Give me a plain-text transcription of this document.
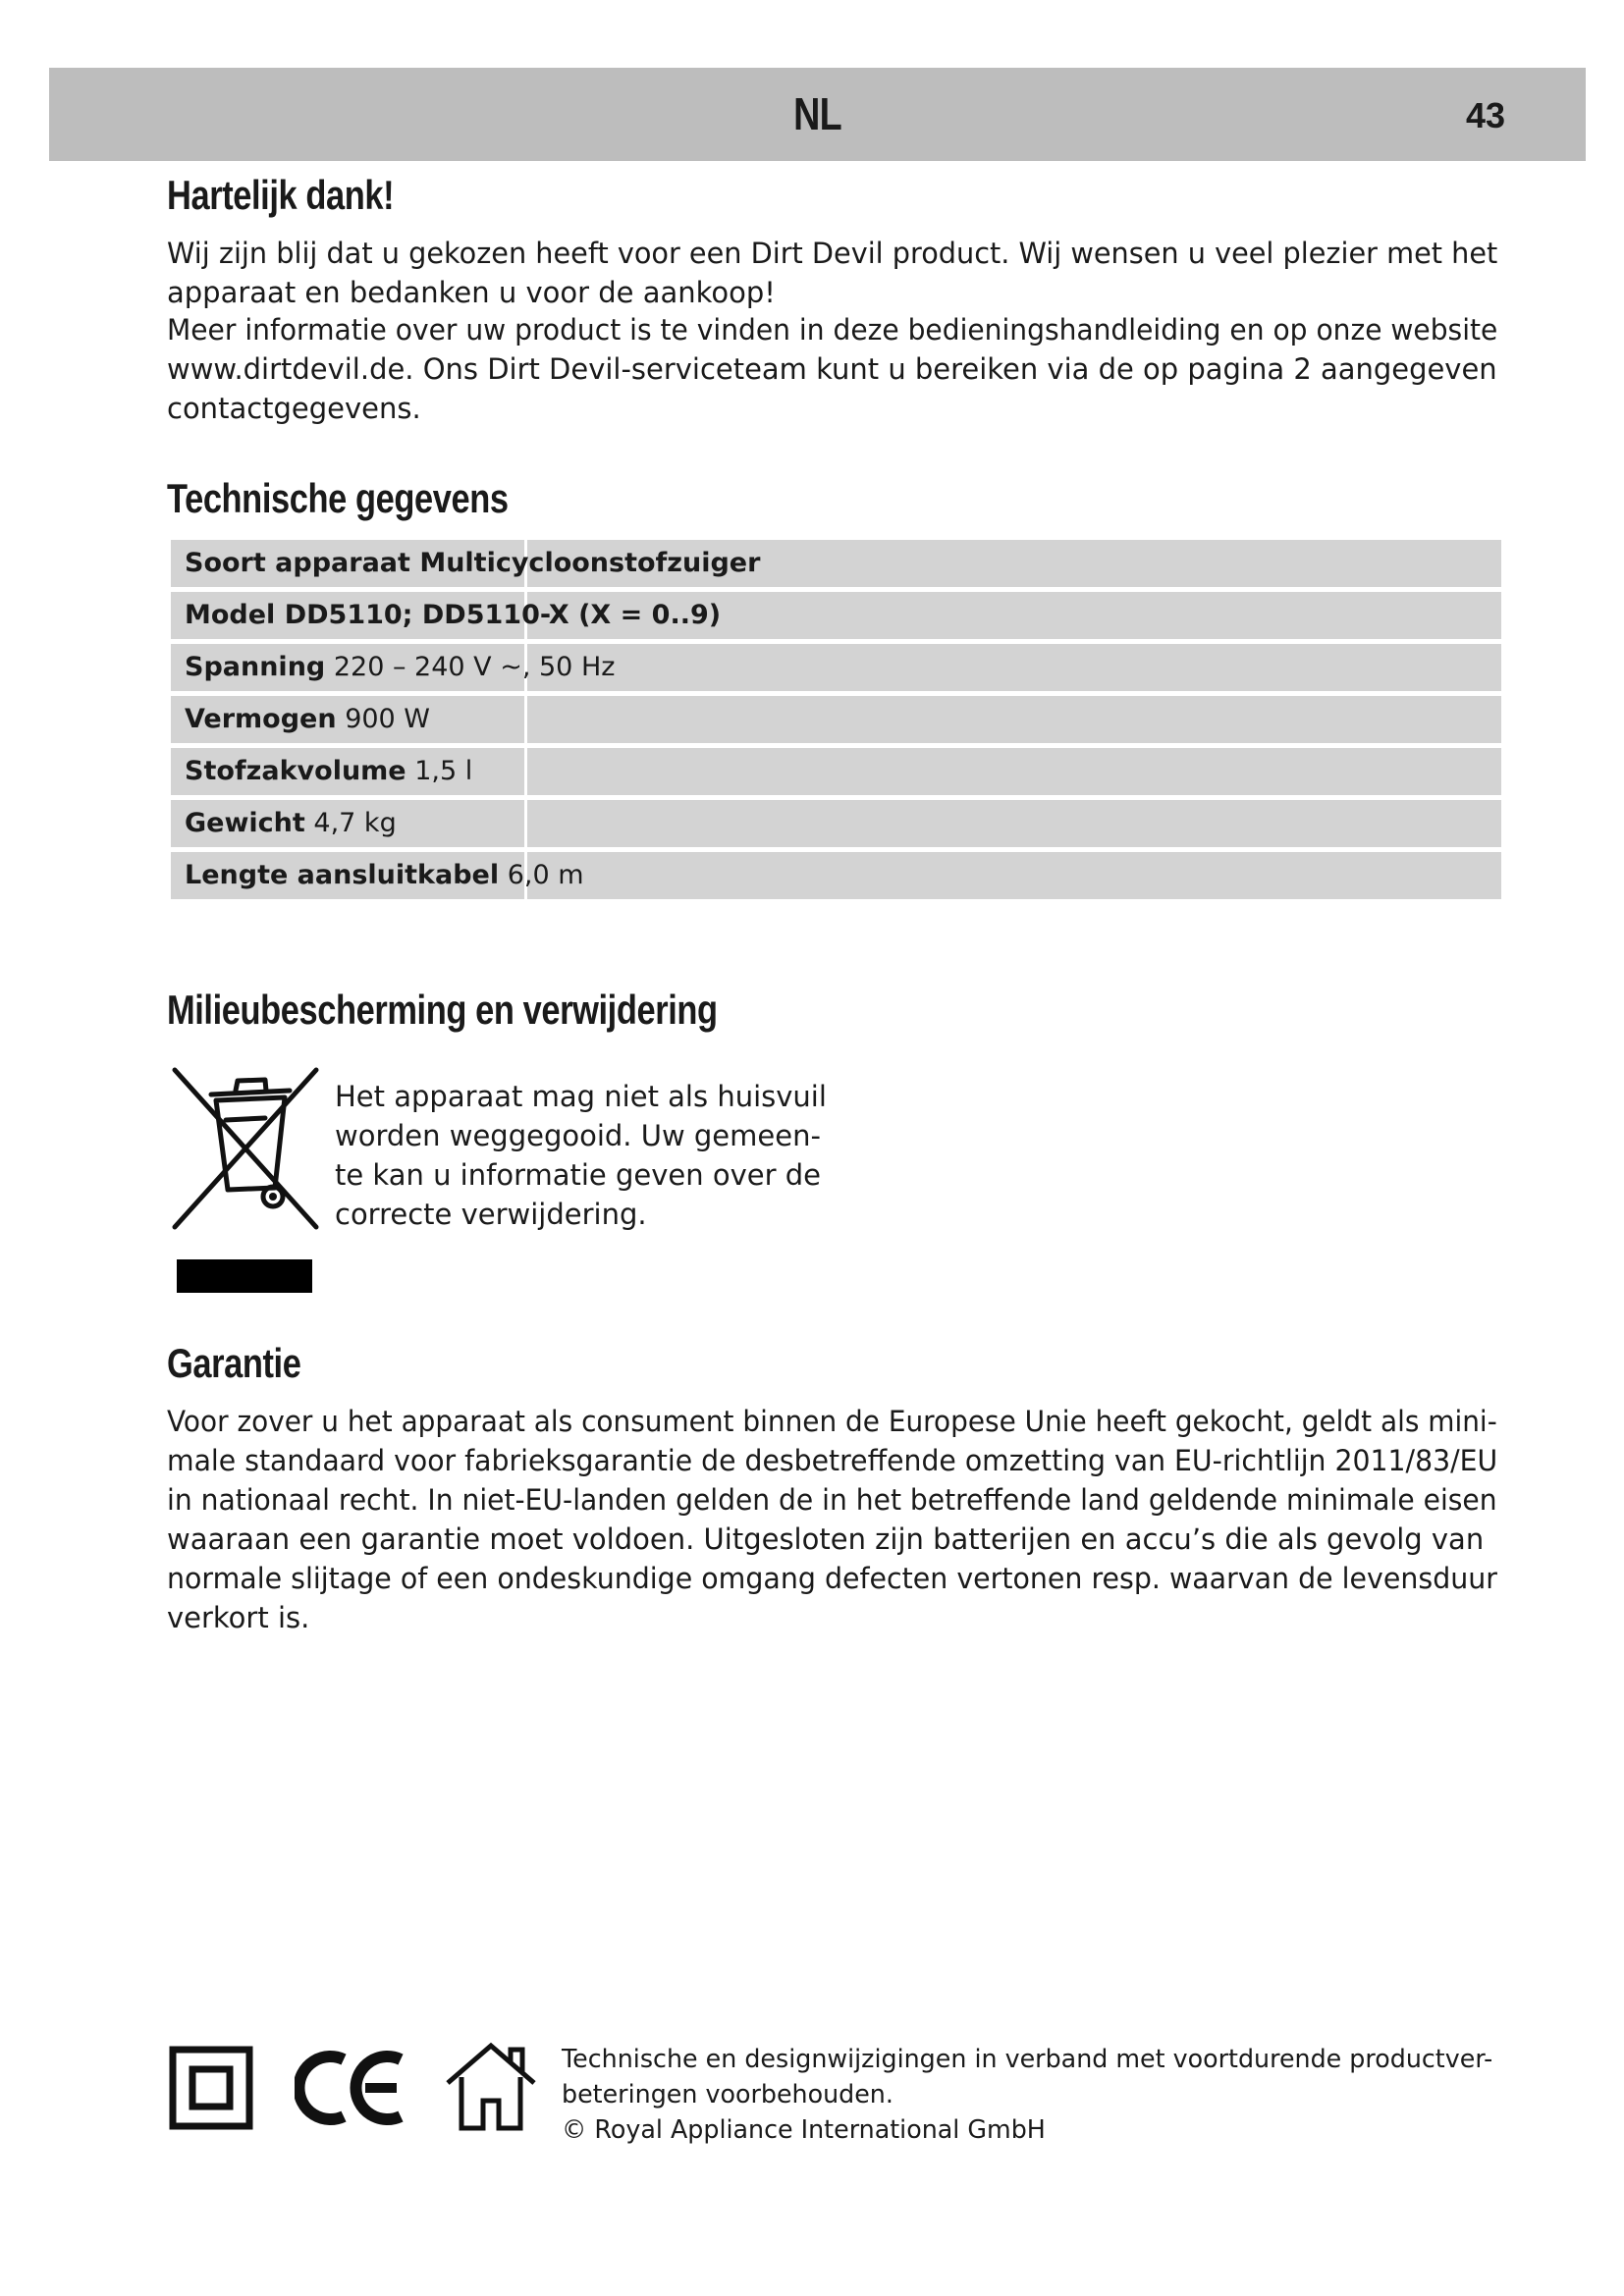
NL	43
Hartelijk dank!

Wij zijn blij dat u gekozen heeft voor een Dirt Devil product. Wij wensen u veel plezier met het

apparaat en bedanken u voor de aankoop!

Meer informatie over uw product is te vinden in deze bedieningshandleiding en op onze website

www.dirtdevil.de. Ons Dirt Devil-serviceteam kunt u bereiken via de op pagina 2 aangegeven

contactgegevens.

Technische gegevens
Soort apparaat Multicycloonstofzuiger
Model DD5110; DD5110-X (X = 0..9)
Spanning 220 – 240 V ~, 50 Hz
Vermogen 900 W
Stofzakvolume 1,5 l
Gewicht 4,7 kg
Lengte aansluitkabel 6,0 m
Milieubescherming en verwijdering

Het apparaat mag niet als huisvuil

worden weggegooid. Uw gemeen-

te kan u informatie geven over de

correcte verwijdering.

Garantie

Voor zover u het apparaat als consument binnen de Europese Unie heeft gekocht, geldt als mini-

male standaard voor fabrieksgarantie de desbetreffende omzetting van EU-richtlijn 2011/83/EU

in nationaal recht. In niet-EU-landen gelden de in het betreffende land geldende minimale eisen

waaraan een garantie moet voldoen. Uitgesloten zijn batterijen en accu’s die als gevolg van

normale slijtage of een ondeskundige omgang defecten vertonen resp. waarvan de levensduur

verkort is.

Technische en designwijzigingen in verband met voortdurende productver-
beteringen voorbehouden.
© Royal Appliance International GmbH
